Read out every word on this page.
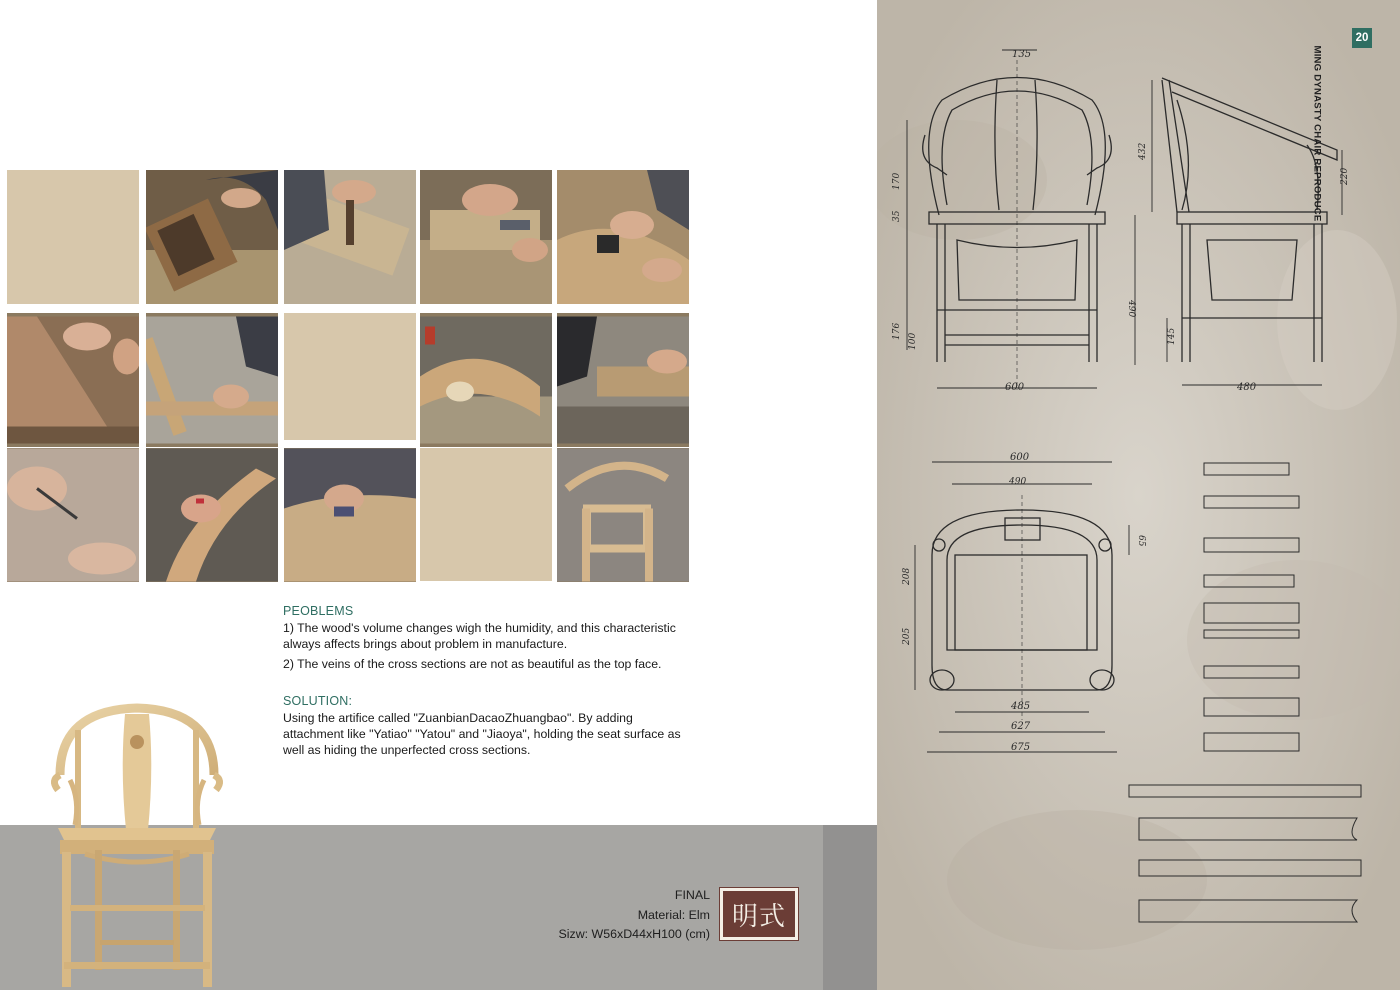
PEOBLEMS

1) The wood's volume changes wigh the humidity, and this characteristic always affects brings about problem in manufacture.

2) The veins of the cross sections are not as beautiful as the top face.

SOLUTION:

Using the artifice called "ZuanbianDacaoZhuangbao". By adding attachment like "Yatiao" "Yatou" and "Jiaoya", holding the seat surface as well as hiding the unperfected cross sections.

FINAL
Material: Elm
Sizw: W56xD44xH100 (cm)
明式
135
170
35
176
100
490
600
432
220
145
480
600
490
208
205
65
485
627
675
20
MING DYNASTY CHAIR REPRODUCE
